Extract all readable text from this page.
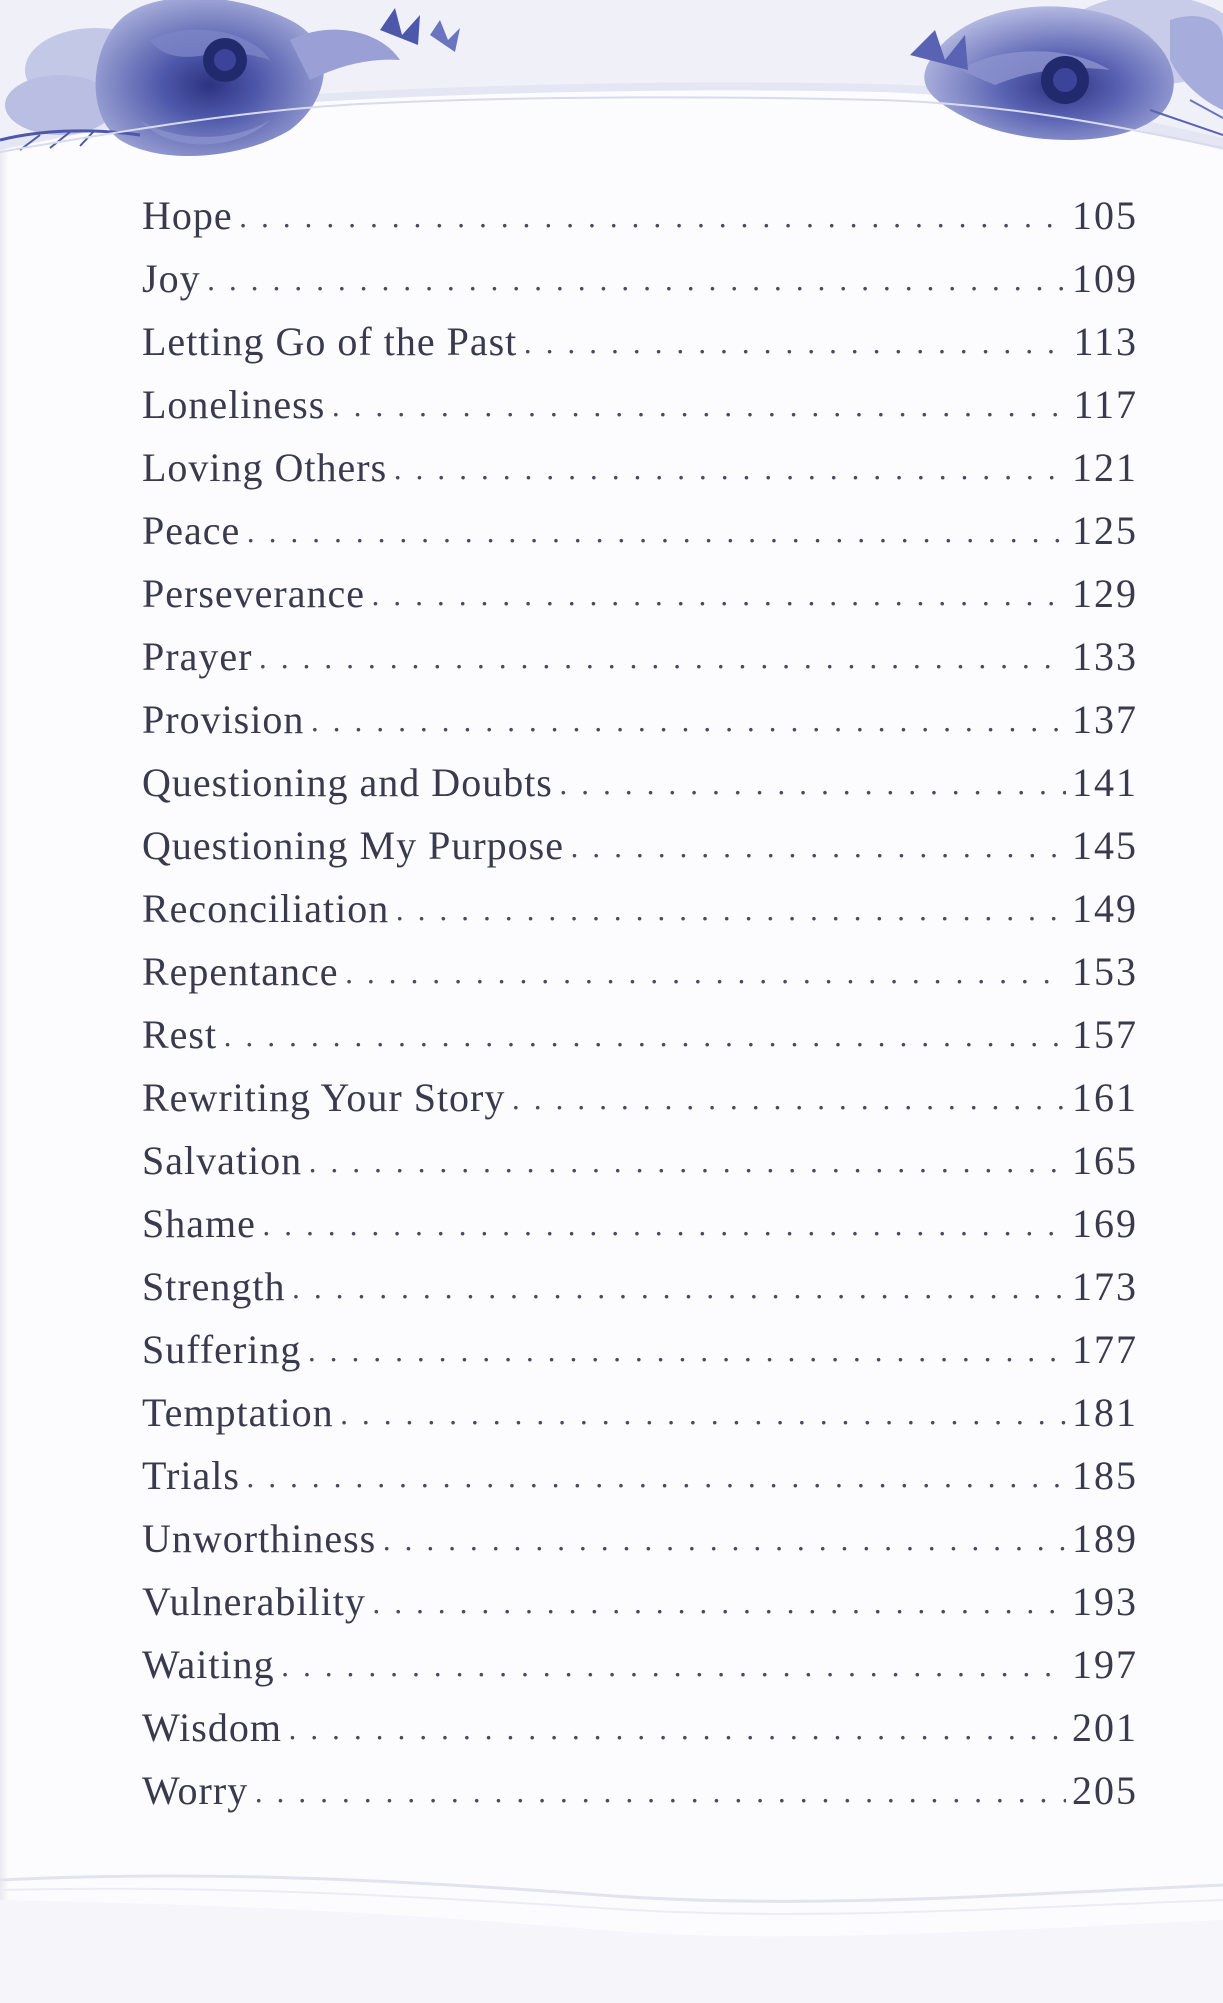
Hope . . .	105
Joy . . .	109
Letting Go of the Past . . .	113
Loneliness . . .	117
Loving Others . . .	121
Peace . . .	125
Perseverance . . .	129
Prayer . . .	133
Provision . . .	137
Questioning and Doubts . . .	141
Questioning My Purpose . . .	145
Reconciliation . . .	149
Repentance . . .	153
Rest . . .	157
Rewriting Your Story . . .	161
Salvation . . .	165
Shame . . .	169
Strength . . .	173
Suffering . . .	177
Temptation . . .	181
Trials . . .	185
Unworthiness . . .	189
Vulnerability . . .	193
Waiting . . .	197
Wisdom . . .	201
Worry . . .	205
